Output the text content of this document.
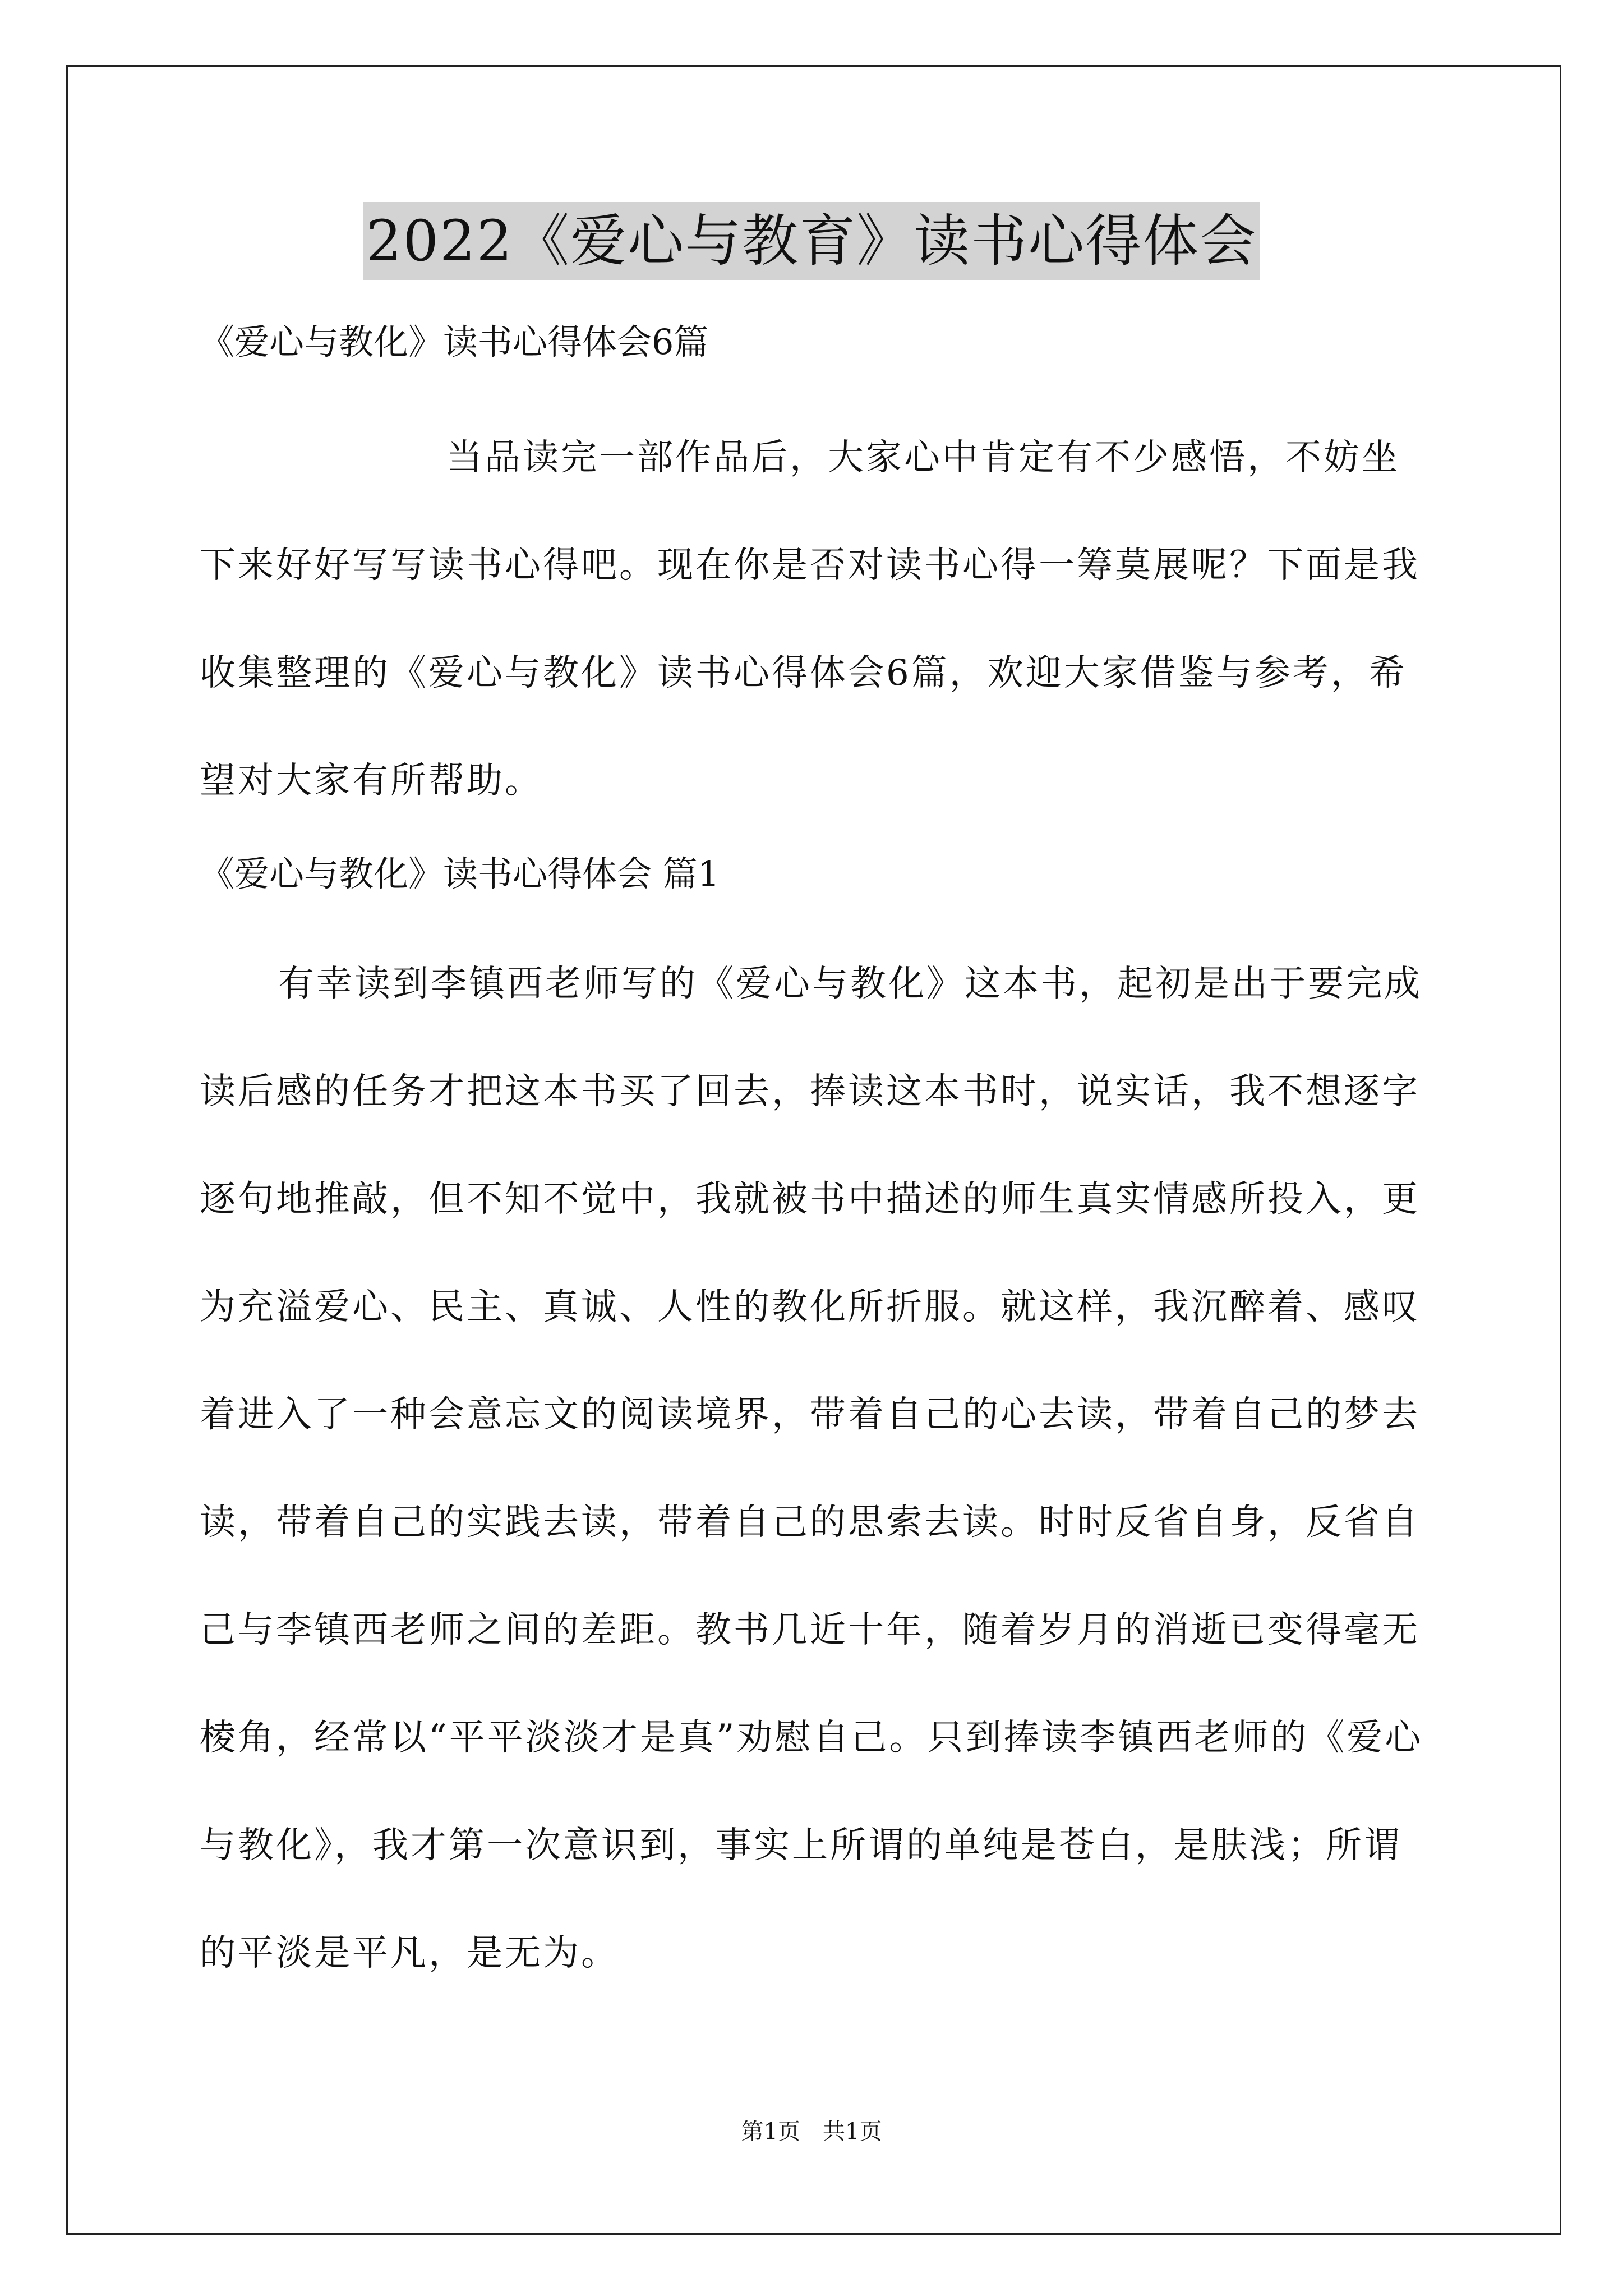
2022《爱心与教育》读书心得体会
《爱心与教化》读书心得体会6篇

当品读完一部作品后，大家心中肯定有不少感悟，不妨坐下来好好写写读书心得吧。现在你是否对读书心得一筹莫展呢？下面是我收集整理的《爱心与教化》读书心得体会6篇，欢迎大家借鉴与参考，希望对大家有所帮助。

《爱心与教化》读书心得体会 篇1

有幸读到李镇西老师写的《爱心与教化》这本书，起初是出于要完成读后感的任务才把这本书买了回去，捧读这本书时，说实话，我不想逐字逐句地推敲，但不知不觉中，我就被书中描述的师生真实情感所投入，更为充溢爱心、民主、真诚、人性的教化所折服。就这样，我沉醉着、感叹着进入了一种会意忘文的阅读境界，带着自己的心去读，带着自己的梦去读，带着自己的实践去读，带着自己的思索去读。时时反省自身，反省自己与李镇西老师之间的差距。教书几近十年，随着岁月的消逝已变得毫无棱角，经常以“平平淡淡才是真”劝慰自己。只到捧读李镇西老师的《爱心与教化》，我才第一次意识到，事实上所谓的单纯是苍白，是肤浅；所谓的平淡是平凡，是无为。

第1页　共1页
